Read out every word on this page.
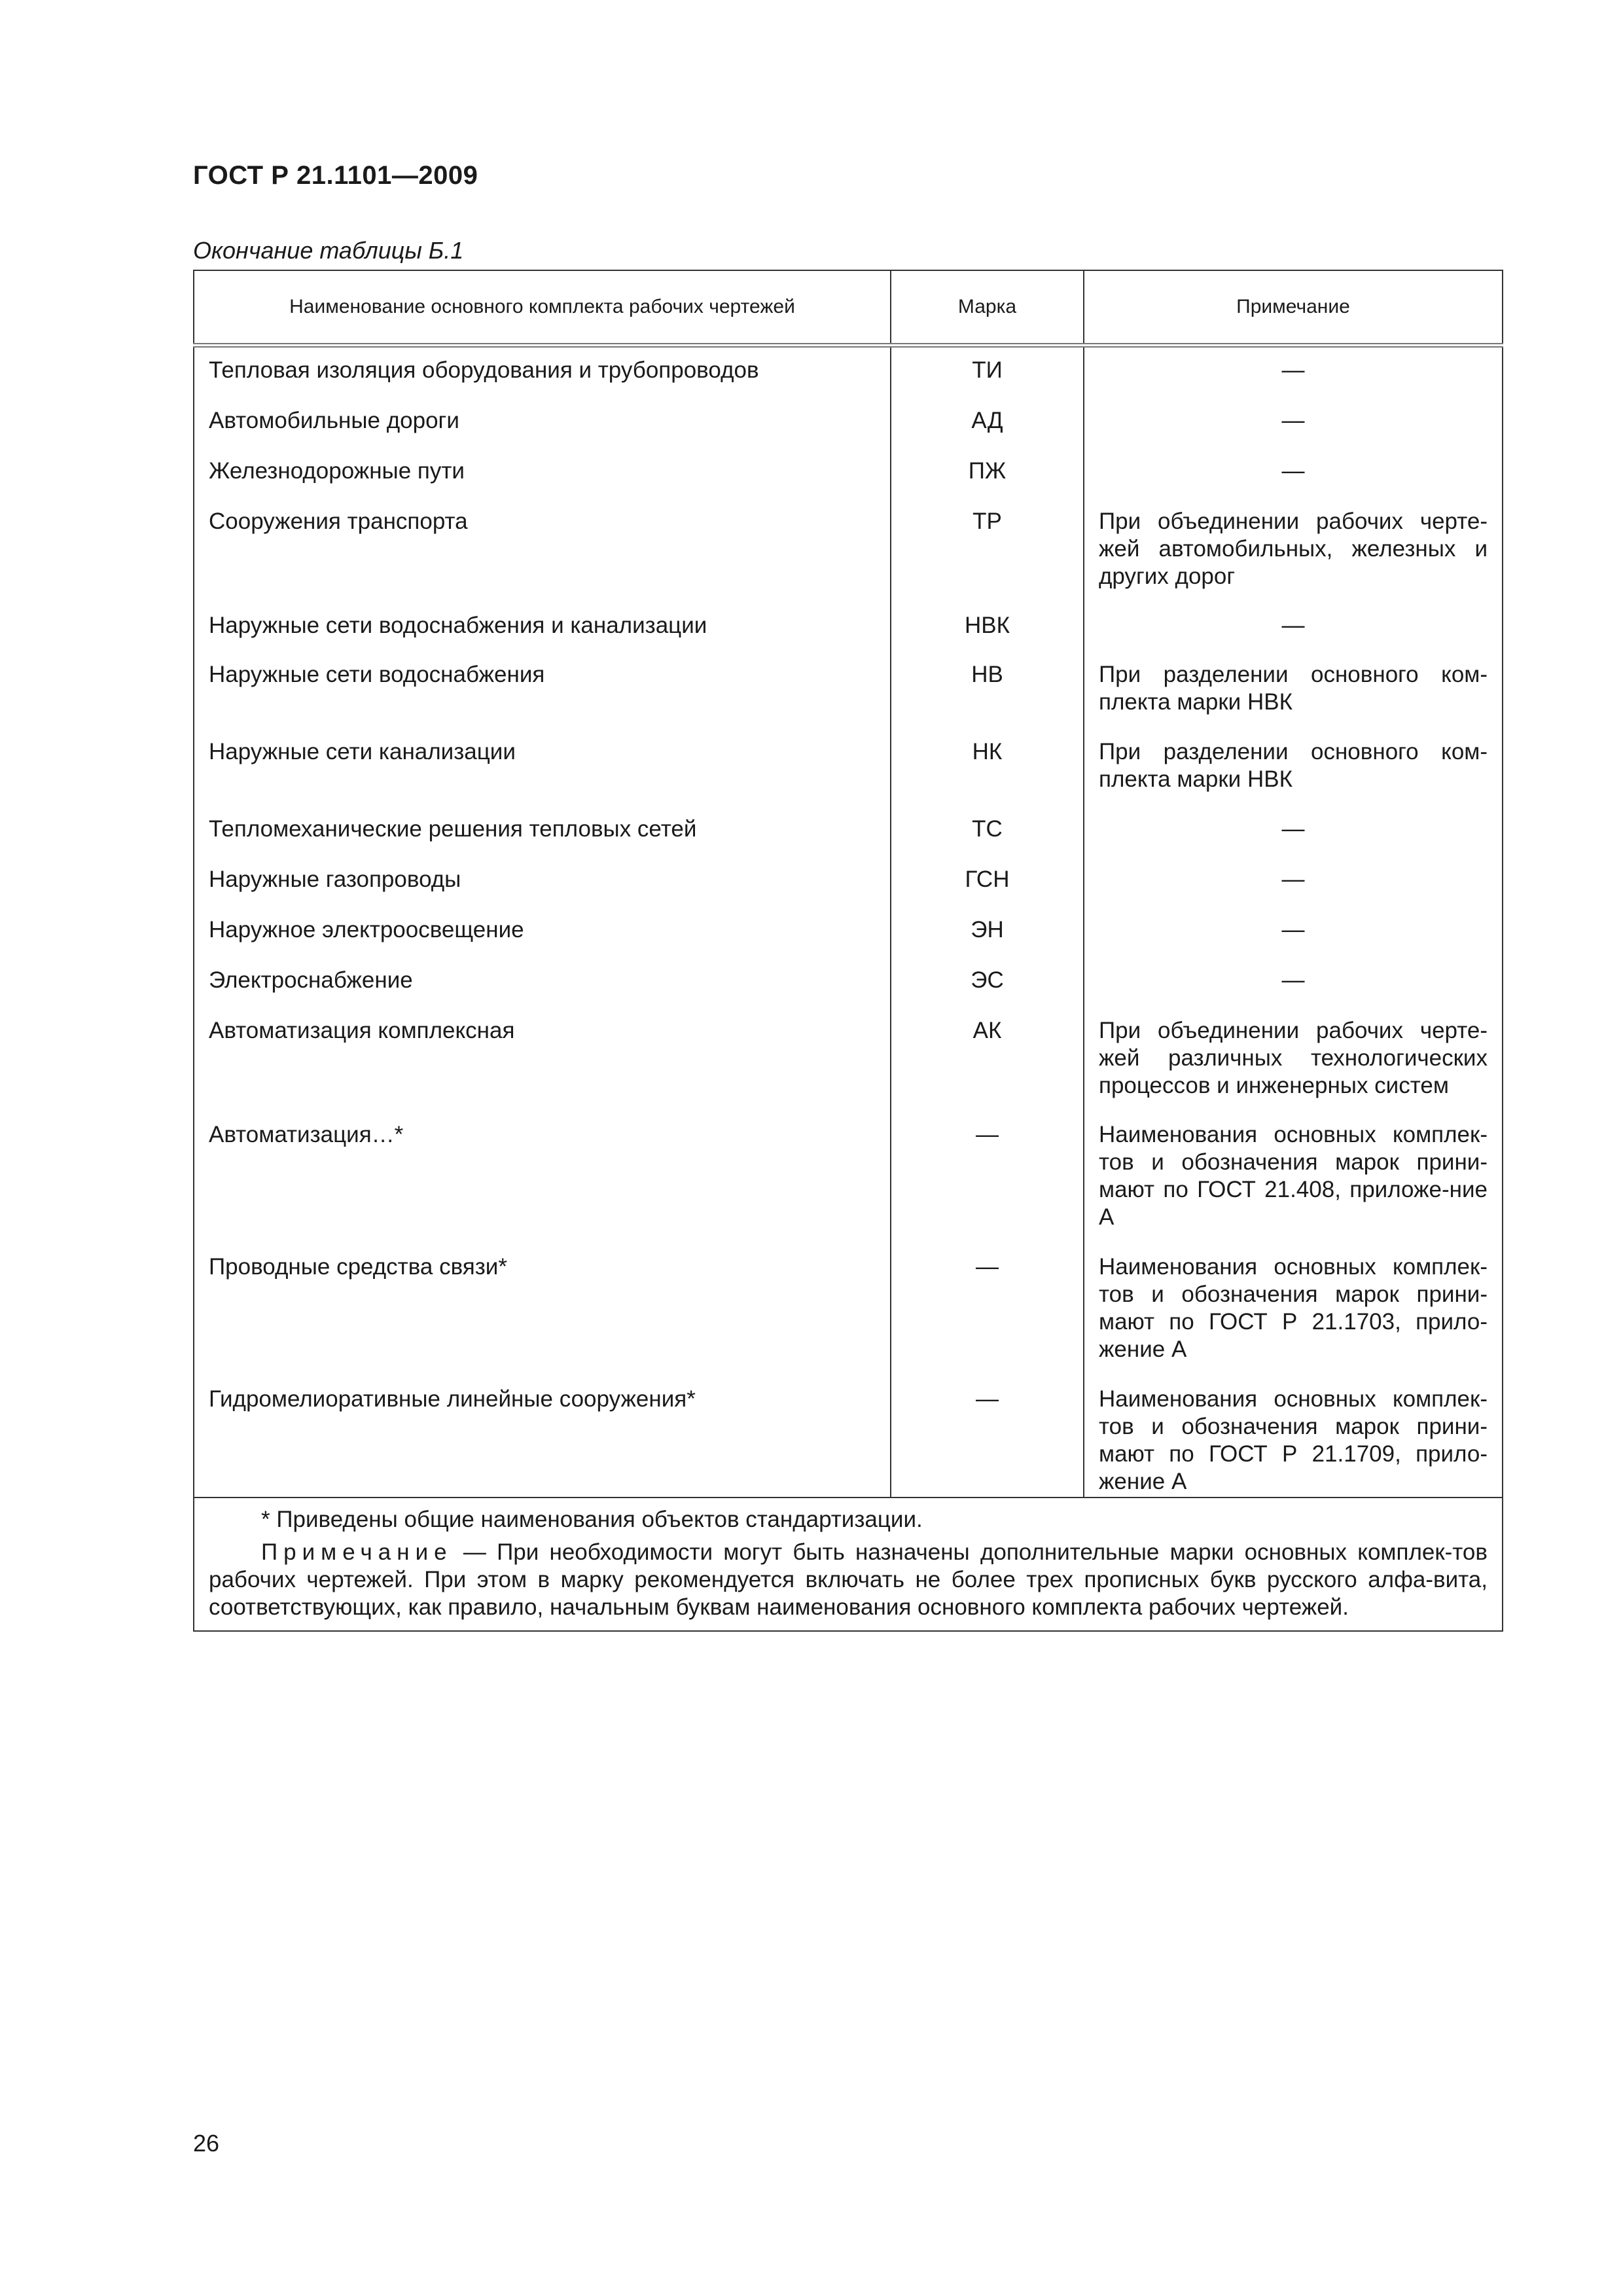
ГОСТ Р 21.1101—2009
Окончание таблицы Б.1
Наименование основного комплекта рабочих чертежей	Марка	Примечание
Тепловая изоляция оборудования и трубопроводов	ТИ	—
Автомобильные дороги	АД	—
Железнодорожные пути	ПЖ	—
Сооружения транспорта	ТР	При объединении рабочих черте-жей автомобильных, железных и других дорог
Наружные сети водоснабжения и канализации	НВК	—
Наружные сети водоснабжения	НВ	При разделении основного ком-плекта марки НВК
Наружные сети канализации	НК	При разделении основного ком-плекта марки НВК
Тепломеханические решения тепловых сетей	ТС	—
Наружные газопроводы	ГСН	—
Наружное электроосвещение	ЭН	—
Электроснабжение	ЭС	—
Автоматизация комплексная	АК	При объединении рабочих черте-жей различных технологических процессов и инженерных систем
Автоматизация…*	—	Наименования основных комплек-тов и обозначения марок прини-мают по ГОСТ 21.408, приложе-ние А
Проводные средства связи*	—	Наименования основных комплек-тов и обозначения марок прини-мают по ГОСТ Р 21.1703, прило-жение А
Гидромелиоративные линейные сооружения*	—	Наименования основных комплек-тов и обозначения марок прини-мают по ГОСТ Р 21.1709, прило-жение А

* Приведены общие наименования объектов стандартизации.
Примечание — При необходимости могут быть назначены дополнительные марки основных комплек-тов рабочих чертежей. При этом в марку рекомендуется включать не более трех прописных букв русского алфа-вита, соответствующих, как правило, начальным буквам наименования основного комплекта рабочих чертежей.		
26
